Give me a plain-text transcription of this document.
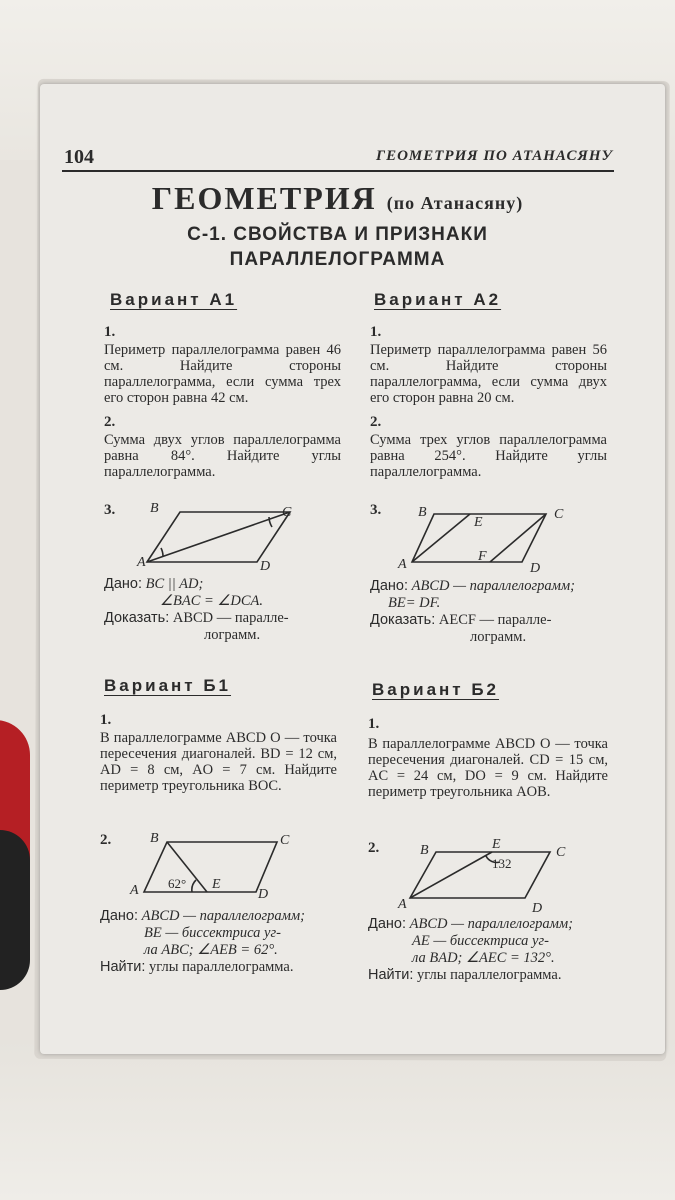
104	ГЕОМЕТРИЯ ПО АТАНАСЯНУ
ГЕОМЕТРИЯ (по Атанасяну)
С-1. СВОЙСТВА И ПРИЗНАКИ
ПАРАЛЛЕЛОГРАММА
Вариант А1
1.
Периметр параллелограмма равен 46 см. Найдите стороны параллелограмма, если сумма трех его сторон равна 42 см.
2.
Сумма двух углов параллелограмма равна 84°. Найдите углы параллелограмма.
3. B	C
A	D
Дано: BC || AD;
∠BAC = ∠DCA.
Доказать: ABCD — паралле-
лограмм.
Вариант А2
1.
Периметр параллелограмма равен 56 см. Найдите стороны параллелограмма, если сумма двух его сторон равна 20 см.
2.
Сумма трех углов параллелограмма равна 254°. Найдите углы параллелограмма.
3.	B	C
E
F
A	D
Дано: ABCD — параллелограмм;
BE= DF.
Доказать: AECF — паралле-
лограмм.
Вариант Б1
1.
В параллелограмме ABCD O — точка пересечения диагоналей. BD = 12 см, AD = 8 см, AO = 7 см. Найдите периметр треугольника BOC.
2.	B	C
A	E
D
62°
Дано: ABCD — параллелограмм;
BE — биссектриса уг-
ла ABC; ∠AEB = 62°.
Найти: углы параллелограмма.
Вариант Б2
1.
В параллелограмме ABCD O — точка пересечения диагоналей. CD = 15 см, AC = 24 см, DO = 9 см. Найдите периметр треугольника AOB.
2.	B	E
C
A	D
132
Дано: ABCD — параллелограмм;
AE — биссектриса уг-
ла BAD; ∠AEC = 132°.
Найти: углы параллелограмма.
